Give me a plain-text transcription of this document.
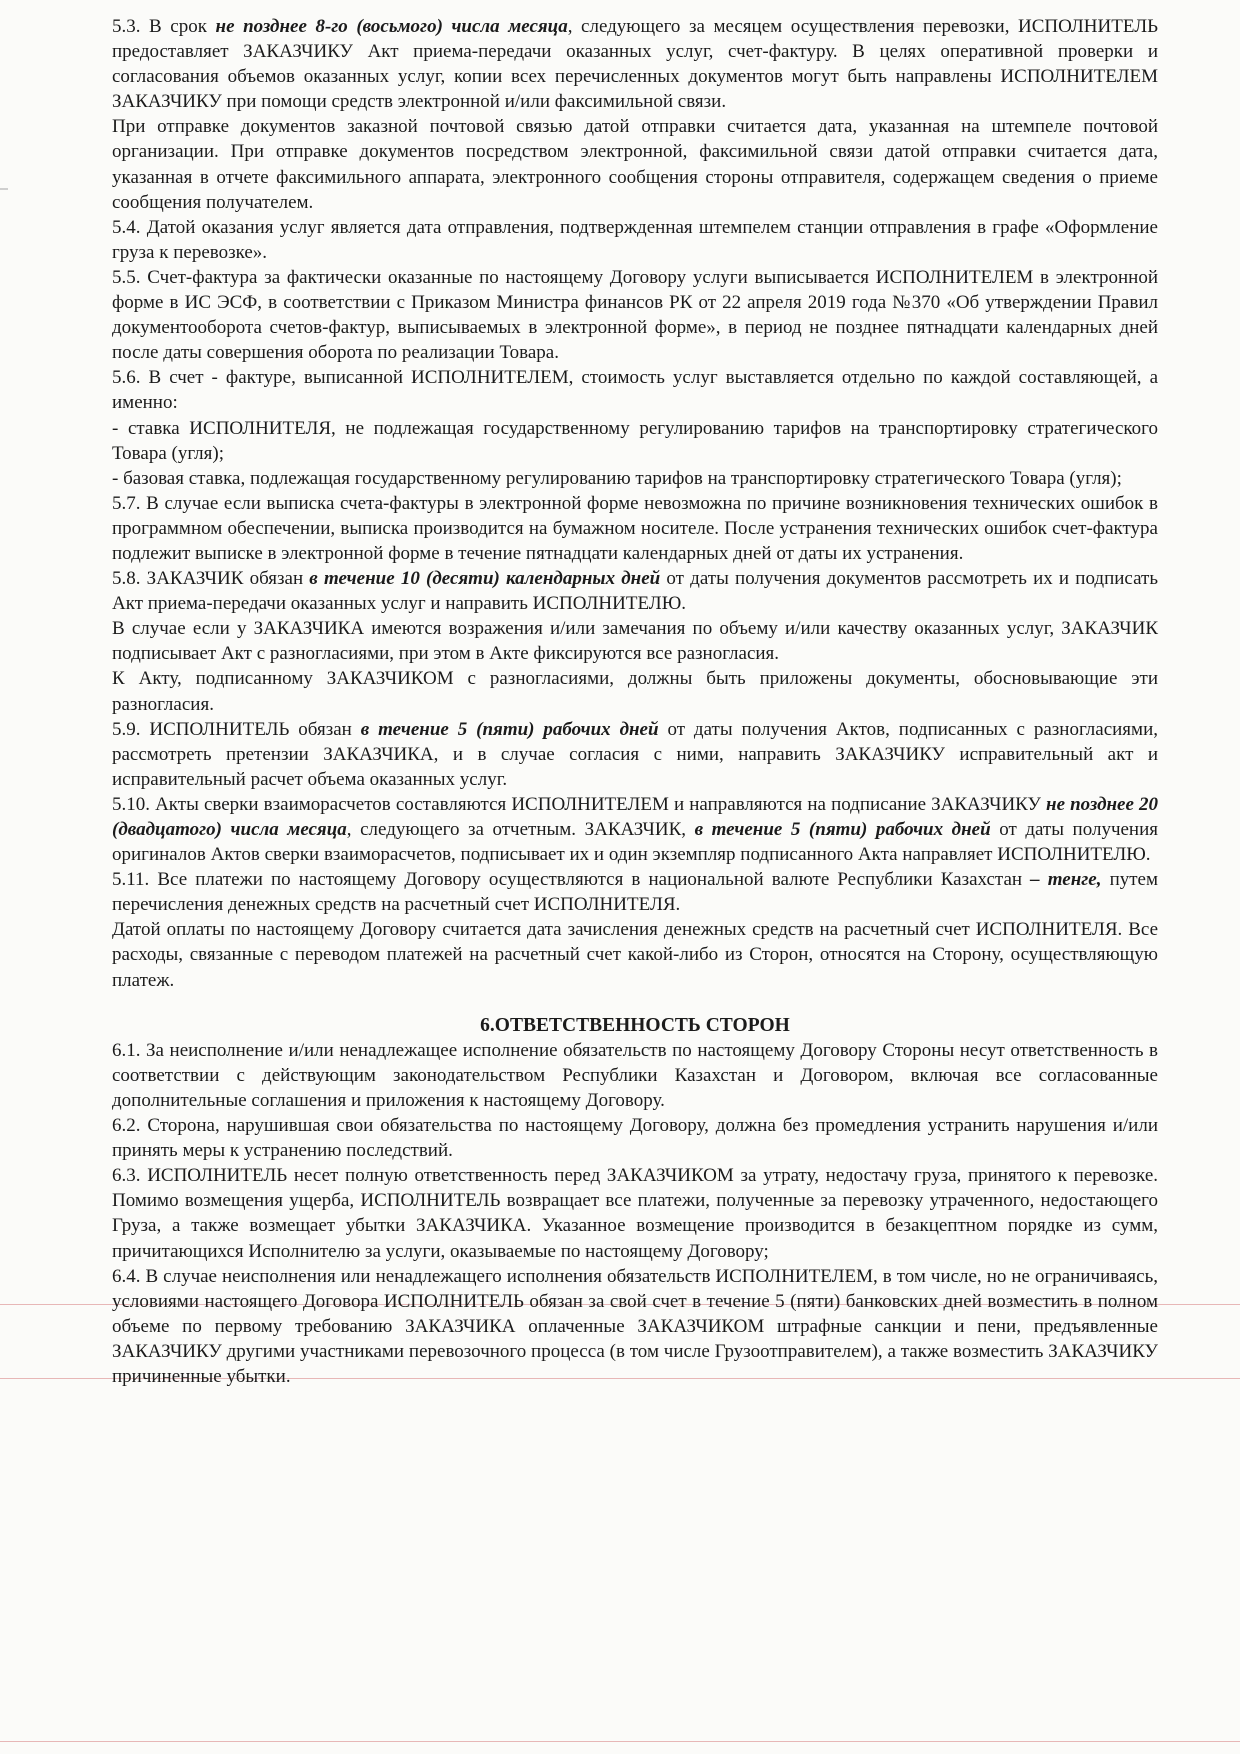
5.3. В срок не позднее 8-го (восьмого) числа месяца, следующего за месяцем осуществления перевозки, ИСПОЛНИТЕЛЬ предоставляет ЗАКАЗЧИКУ Акт приема-передачи оказанных услуг, счет-фактуру. В целях оперативной проверки и согласования объемов оказанных услуг, копии всех перечисленных документов могут быть направлены ИСПОЛНИТЕЛЕМ ЗАКАЗЧИКУ при помощи средств электронной и/или факсимильной связи.

При отправке документов заказной почтовой связью датой отправки считается дата, указанная на штемпеле почтовой организации. При отправке документов посредством электронной, факсимильной связи датой отправки считается дата, указанная в отчете факсимильного аппарата, электронного сообщения стороны отправителя, содержащем сведения о приеме сообщения получателем.

5.4. Датой оказания услуг является дата отправления, подтвержденная штемпелем станции отправления в графе «Оформление груза к перевозке».

5.5. Счет-фактура за фактически оказанные по настоящему Договору услуги выписывается ИСПОЛНИТЕЛЕМ в электронной форме в ИС ЭСФ, в соответствии с Приказом Министра финансов РК от 22 апреля 2019 года №370 «Об утверждении Правил документооборота счетов-фактур, выписываемых в электронной форме», в период не позднее пятнадцати календарных дней после даты совершения оборота по реализации Товара.

5.6. В счет - фактуре, выписанной ИСПОЛНИТЕЛЕМ, стоимость услуг выставляется отдельно по каждой составляющей, а именно:

- ставка ИСПОЛНИТЕЛЯ, не подлежащая государственному регулированию тарифов на транспортировку стратегического Товара (угля);

- базовая ставка, подлежащая государственному регулированию тарифов на транспортировку стратегического Товара (угля);

5.7. В случае если выписка счета-фактуры в электронной форме невозможна по причине возникновения технических ошибок в программном обеспечении, выписка производится на бумажном носителе. После устранения технических ошибок счет-фактура подлежит выписке в электронной форме в течение пятнадцати календарных дней от даты их устранения.

5.8. ЗАКАЗЧИК обязан в течение 10 (десяти) календарных дней от даты получения документов рассмотреть их и подписать Акт приема-передачи оказанных услуг и направить ИСПОЛНИТЕЛЮ.

В случае если у ЗАКАЗЧИКА имеются возражения и/или замечания по объему и/или качеству оказанных услуг, ЗАКАЗЧИК подписывает Акт с разногласиями, при этом в Акте фиксируются все разногласия.

К Акту, подписанному ЗАКАЗЧИКОМ с разногласиями, должны быть приложены документы, обосновывающие эти разногласия.

5.9. ИСПОЛНИТЕЛЬ обязан в течение 5 (пяти) рабочих дней от даты получения Актов, подписанных с разногласиями, рассмотреть претензии ЗАКАЗЧИКА, и в случае согласия с ними, направить ЗАКАЗЧИКУ исправительный акт и исправительный расчет объема оказанных услуг.

5.10. Акты сверки взаиморасчетов составляются ИСПОЛНИТЕЛЕМ и направляются на подписание ЗАКАЗЧИКУ не позднее 20 (двадцатого) числа месяца, следующего за отчетным. ЗАКАЗЧИК, в течение 5 (пяти) рабочих дней от даты получения оригиналов Актов сверки взаиморасчетов, подписывает их и один экземпляр подписанного Акта направляет ИСПОЛНИТЕЛЮ.

5.11. Все платежи по настоящему Договору осуществляются в национальной валюте Республики Казахстан – тенге, путем перечисления денежных средств на расчетный счет ИСПОЛНИТЕЛЯ.

Датой оплаты по настоящему Договору считается дата зачисления денежных средств на расчетный счет ИСПОЛНИТЕЛЯ. Все расходы, связанные с переводом платежей на расчетный счет какой-либо из Сторон, относятся на Сторону, осуществляющую платеж.

6.ОТВЕТСТВЕННОСТЬ СТОРОН

6.1. За неисполнение и/или ненадлежащее исполнение обязательств по настоящему Договору Стороны несут ответственность в соответствии с действующим законодательством Республики Казахстан и Договором, включая все согласованные дополнительные соглашения и приложения к настоящему Договору.

6.2. Сторона, нарушившая свои обязательства по настоящему Договору, должна без промедления устранить нарушения и/или принять меры к устранению последствий.

6.3. ИСПОЛНИТЕЛЬ несет полную ответственность перед ЗАКАЗЧИКОМ за утрату, недостачу груза, принятого к перевозке. Помимо возмещения ущерба, ИСПОЛНИТЕЛЬ возвращает все платежи, полученные за перевозку утраченного, недостающего Груза, а также возмещает убытки ЗАКАЗЧИКА. Указанное возмещение производится в безакцептном порядке из сумм, причитающихся Исполнителю за услуги, оказываемые по настоящему Договору;

6.4. В случае неисполнения или ненадлежащего исполнения обязательств ИСПОЛНИТЕЛЕМ, в том числе, но не ограничиваясь, условиями настоящего Договора ИСПОЛНИТЕЛЬ обязан за свой счет в течение 5 (пяти) банковских дней возместить в полном объеме по первому требованию ЗАКАЗЧИКА оплаченные ЗАКАЗЧИКОМ штрафные санкции и пени, предъявленные ЗАКАЗЧИКУ другими участниками перевозочного процесса (в том числе Грузоотправителем), а также возместить ЗАКАЗЧИКУ причиненные убытки.
